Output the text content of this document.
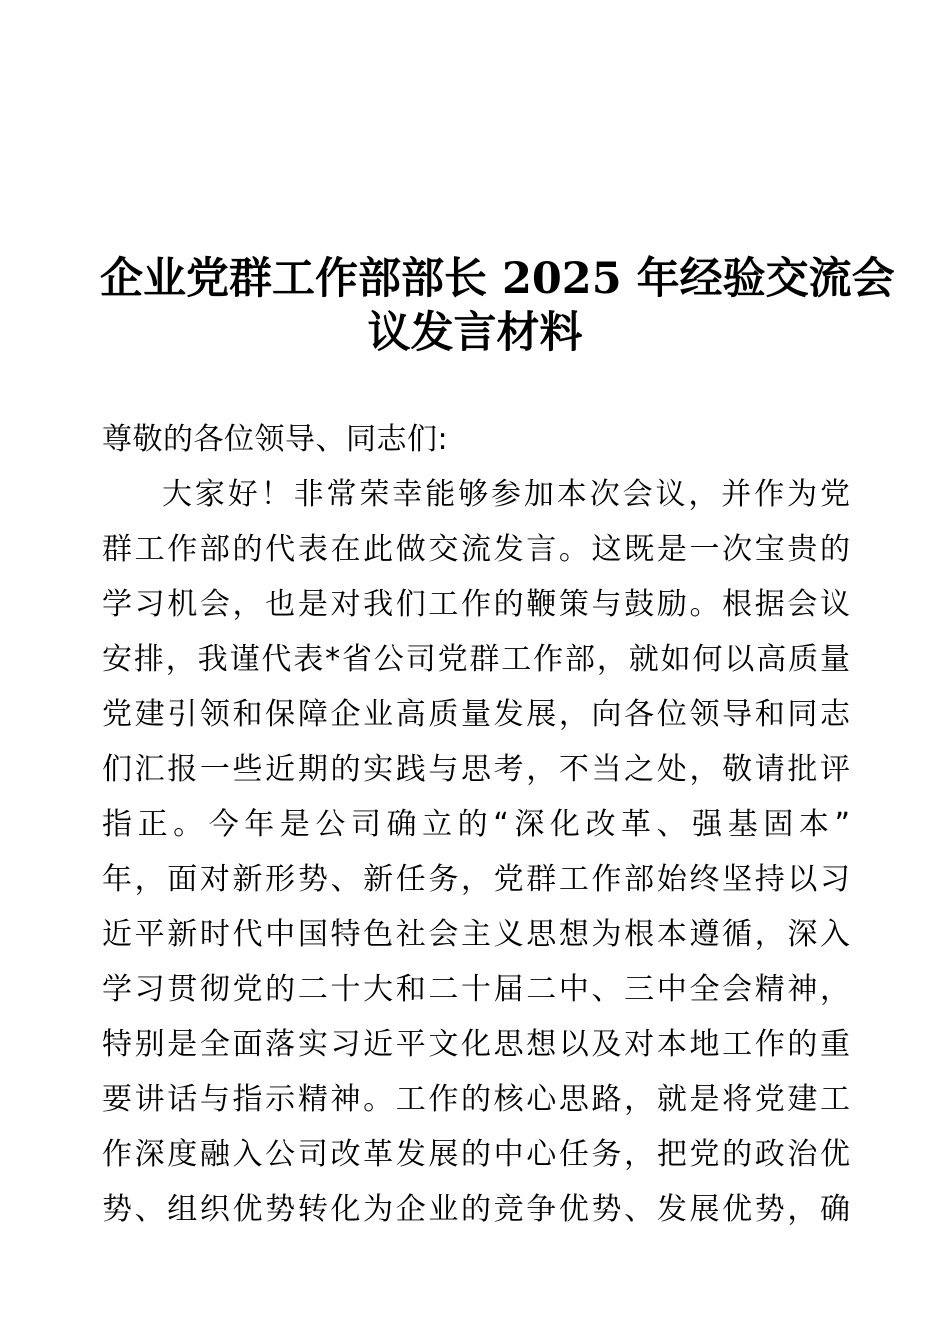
企业党群工作部部长 2025 年经验交流会
议发言材料
尊敬的各位领导、同志们:
大家好！非常荣幸能够参加本次会议，并作为党
群工作部的代表在此做交流发言。这既是一次宝贵的
学习机会，也是对我们工作的鞭策与鼓励。根据会议
安排，我谨代表*省公司党群工作部，就如何以高质量
党建引领和保障企业高质量发展，向各位领导和同志
们汇报一些近期的实践与思考，不当之处，敬请批评
指正。今年是公司确立的“深化改革、强基固本”
年，面对新形势、新任务，党群工作部始终坚持以习
近平新时代中国特色社会主义思想为根本遵循，深入
学习贯彻党的二十大和二十届二中、三中全会精神，
特别是全面落实习近平文化思想以及对本地工作的重
要讲话与指示精神。工作的核心思路，就是将党建工
作深度融入公司改革发展的中心任务，把党的政治优
势、组织优势转化为企业的竞争优势、发展优势，确
